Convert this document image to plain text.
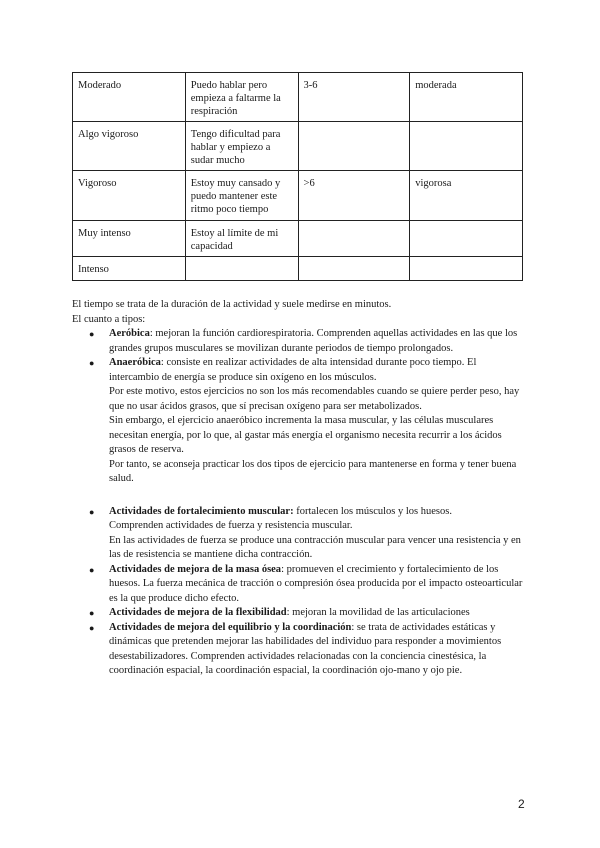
Moderado	Puedo hablar pero empieza a faltarme la respiración	3-6	moderada
Algo vigoroso	Tengo dificultad para hablar y empiezo a sudar mucho		
Vigoroso	Estoy muy cansado y puedo mantener este ritmo poco tiempo	>6	vigorosa
Muy intenso	Estoy al límite de mi capacidad		
Intenso			

El tiempo se trata de la duración de la actividad y suele medirse en minutos.

El cuanto a tipos:

● Aeróbica: mejoran la función cardiorespiratoria. Comprenden aquellas actividades en las que los grandes grupos musculares se movilizan durante periodos de tiempo prolongados.

● Anaeróbica: consiste en realizar actividades de alta intensidad durante poco tiempo. El intercambio de energía se produce sin oxígeno en los músculos.

Por este motivo, estos ejercicios no son los más recomendables cuando se quiere perder peso, hay que no usar ácidos grasos, que sí precisan oxígeno para ser metabolizados.

Sin embargo, el ejercicio anaeróbico incrementa la masa muscular, y las células musculares necesitan energía, por lo que, al gastar más energía el organismo necesita recurrir a los ácidos grasos de reserva.

Por tanto, se aconseja practicar los dos tipos de ejercicio para mantenerse en forma y tener buena salud.

● Actividades de fortalecimiento muscular: fortalecen los músculos y los huesos.

Comprenden actividades de fuerza y resistencia muscular.

En las actividades de fuerza se produce una contracción muscular para vencer una resistencia y en las de resistencia se mantiene dicha contracción.

● Actividades de mejora de la masa ósea: promueven el crecimiento y fortalecimiento de los huesos. La fuerza mecánica de tracción o compresión ósea producida por el impacto osteoarticular es la que produce dicho efecto.

● Actividades de mejora de la flexibilidad: mejoran la movilidad de las articulaciones

● Actividades de mejora del equilibrio y la coordinación: se trata de actividades estáticas y dinámicas que pretenden mejorar las habilidades del individuo para responder a movimientos desestabilizadores. Comprenden actividades relacionadas con la conciencia cinestésica, la coordinación espacial, la coordinación espacial, la coordinación ojo-mano y ojo pie.

2
